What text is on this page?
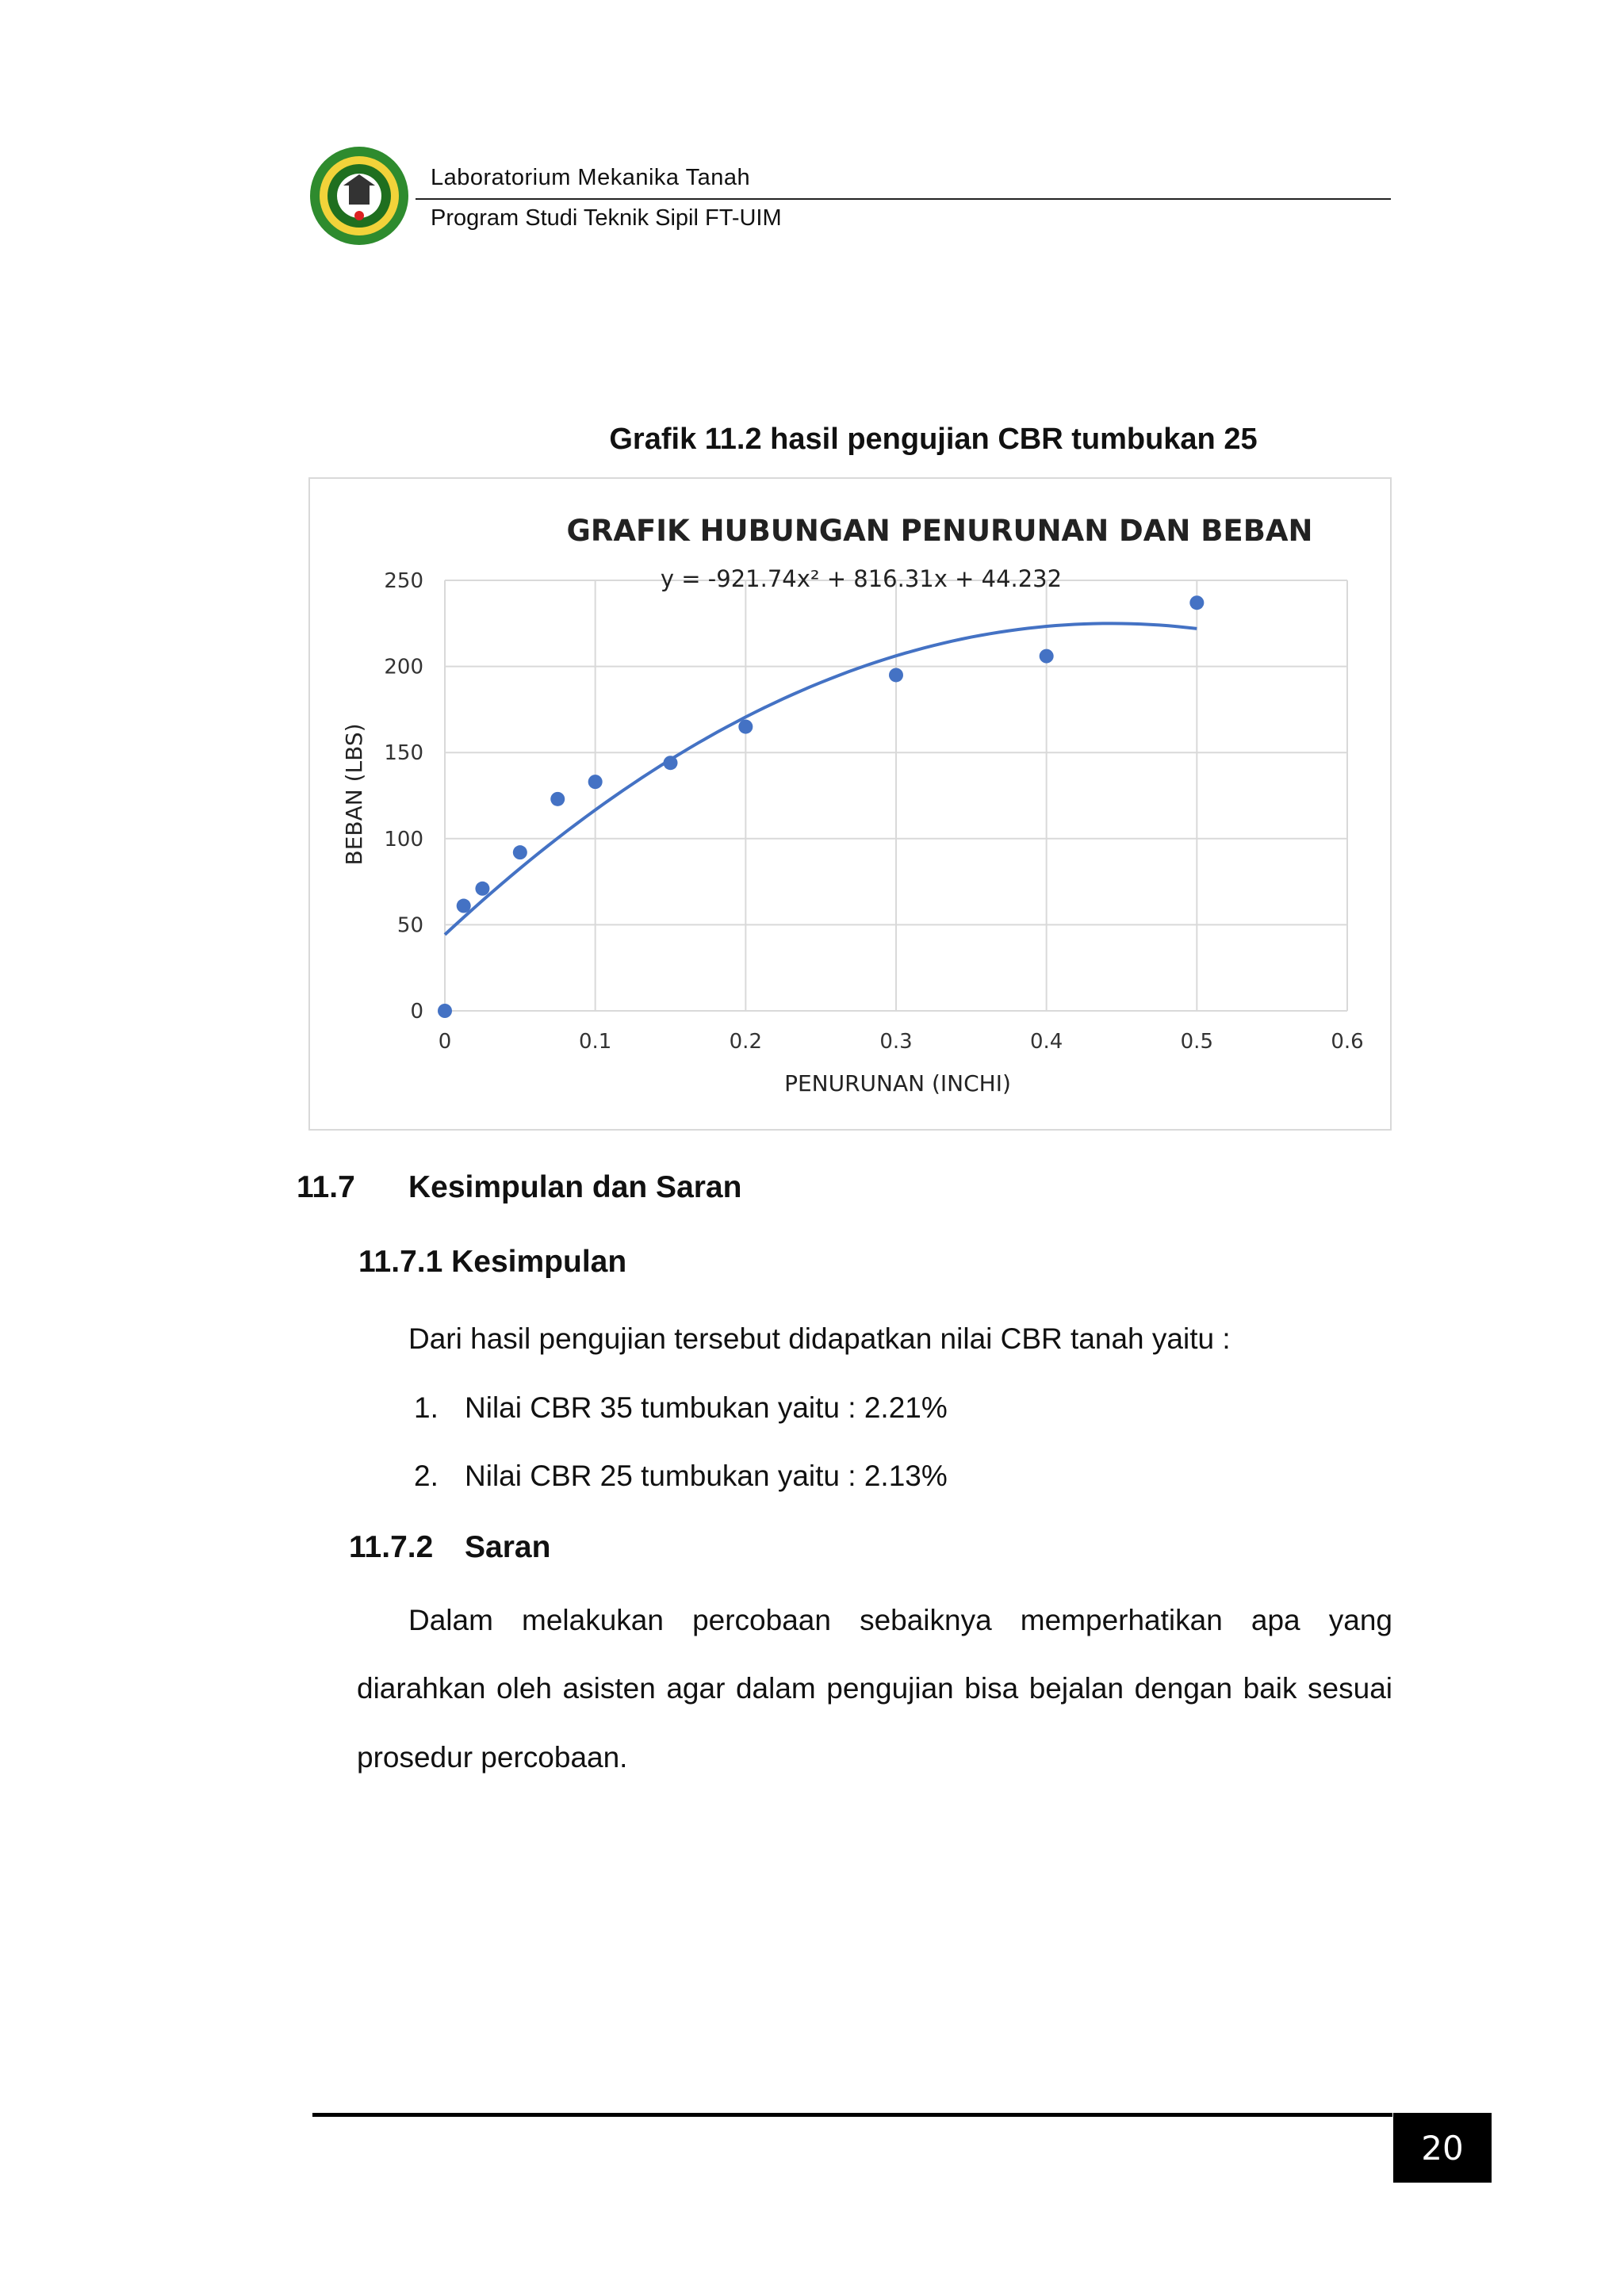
Laboratorium Mekanika Tanah
Program Studi Teknik Sipil FT-UIM
Grafik 11.2 hasil pengujian CBR tumbukan 25
0	0.1	0.2	0.3	0.4	0.5	0.6
0
50
100
150
200
250
GRAFIK HUBUNGAN PENURUNAN DAN BEBAN
PENURUNAN (INCHI)
BEBAN (LBS)
y = -921.74x² + 816.31x + 44.232
11.7 Kesimpulan dan Saran
11.7.1 Kesimpulan
Dari hasil pengujian tersebut didapatkan nilai CBR tanah yaitu :
1. Nilai CBR 35 tumbukan yaitu : 2.21%
2. Nilai CBR 25 tumbukan yaitu : 2.13%
11.7.2 Saran
Dalam melakukan percobaan sebaiknya memperhatikan apa yang
diarahkan oleh asisten agar dalam pengujian bisa bejalan dengan baik sesuai
prosedur percobaan.
20
